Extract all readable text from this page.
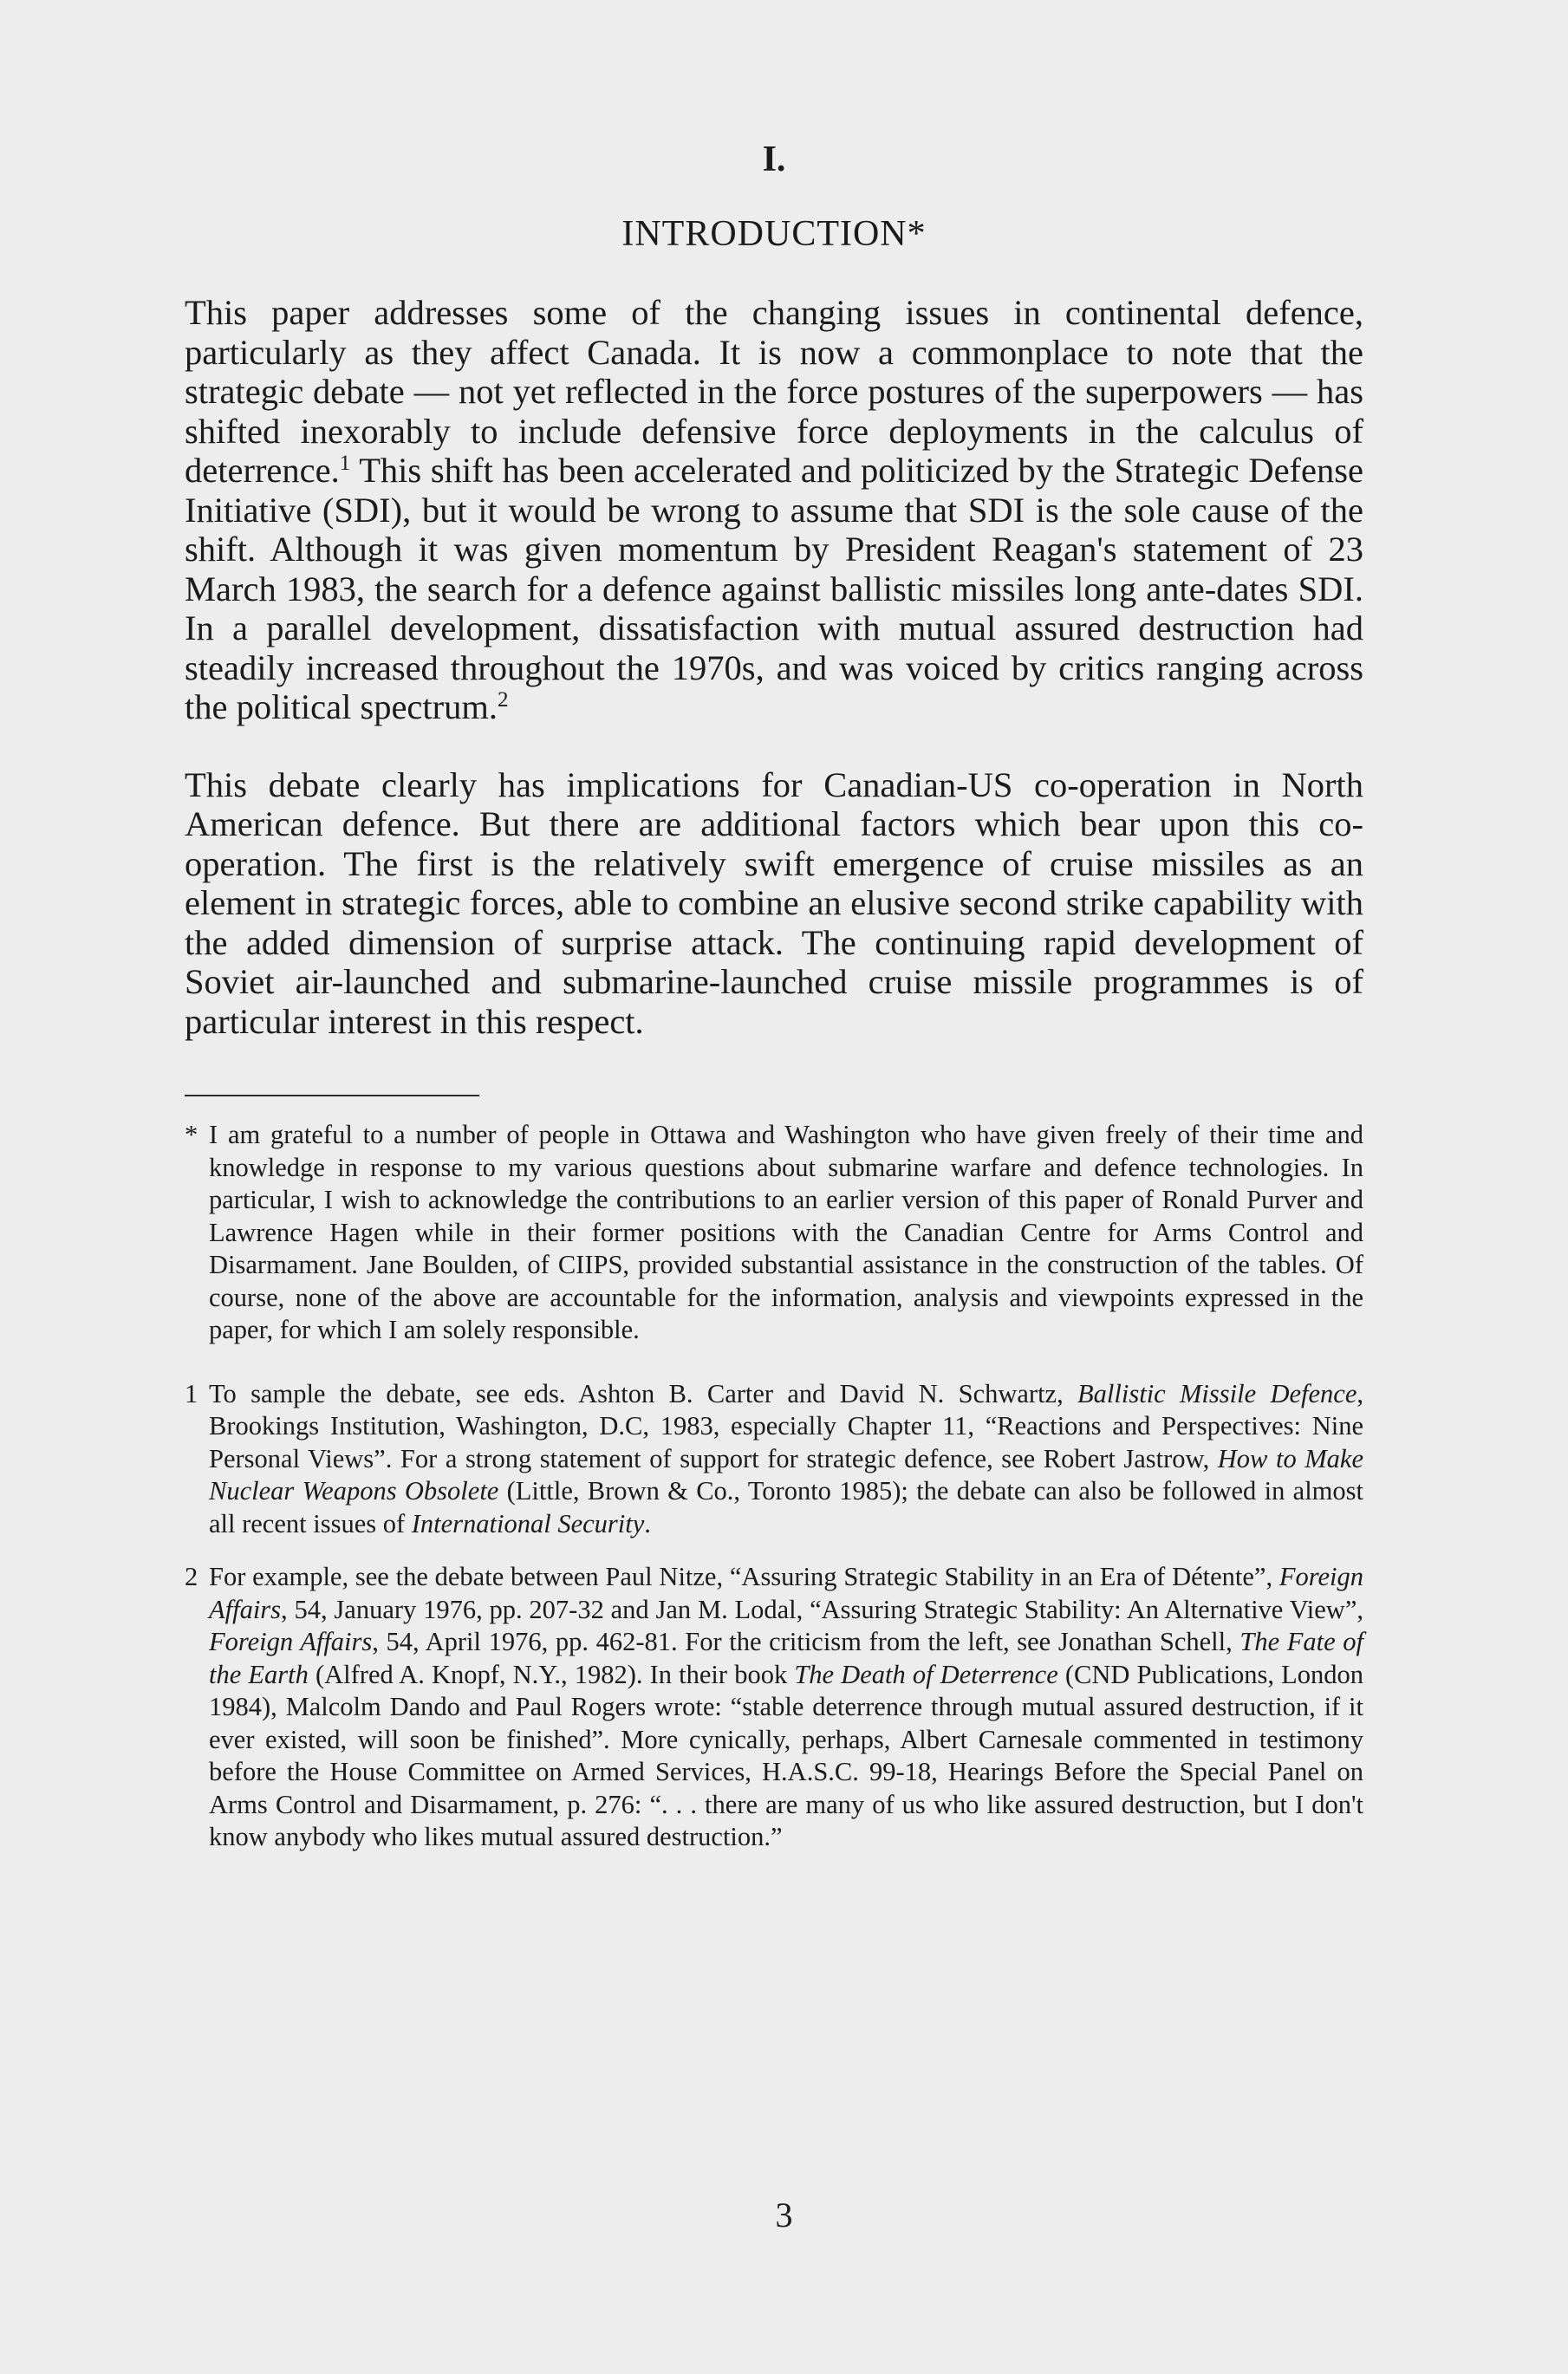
I.
INTRODUCTION*

This paper addresses some of the changing issues in continental defence, particularly as they affect Canada. It is now a commonplace to note that the strategic debate — not yet reflected in the force postures of the superpowers — has shifted inexorably to include defensive force deployments in the calculus of deterrence.$^1$ This shift has been accelerated and politicized by the Strategic Defense Initiative (SDI), but it would be wrong to assume that SDI is the sole cause of the shift. Although it was given momentum by President Reagan's statement of 23 March 1983, the search for a defence against ballistic missiles long ante-dates SDI. In a parallel development, dissatisfaction with mutual assured destruction had steadily increased throughout the 1970s, and was voiced by critics ranging across the political spectrum.$^2$

This debate clearly has implications for Canadian-US co-operation in North American defence. But there are additional factors which bear upon this co-operation. The first is the relatively swift emergence of cruise missiles as an element in strategic forces, able to combine an elusive second strike capability with the added dimension of surprise attack. The continuing rapid development of Soviet air-launched and submarine-launched cruise missile programmes is of particular interest in this respect.

* I am grateful to a number of people in Ottawa and Washington who have given freely of their time and knowledge in response to my various questions about submarine warfare and defence technologies. In particular, I wish to acknowledge the contributions to an earlier version of this paper of Ronald Purver and Lawrence Hagen while in their former positions with the Canadian Centre for Arms Control and Disarmament. Jane Boulden, of CIIPS, provided substantial assistance in the construction of the tables. Of course, none of the above are accountable for the information, analysis and viewpoints expressed in the paper, for which I am solely responsible.

1 To sample the debate, see eds. Ashton B. Carter and David N. Schwartz, Ballistic Missile Defence, Brookings Institution, Washington, D.C, 1983, especially Chapter 11, “Reactions and Perspectives: Nine Personal Views”. For a strong statement of support for strategic defence, see Robert Jastrow, How to Make Nuclear Weapons Obsolete (Little, Brown & Co., Toronto 1985); the debate can also be followed in almost all recent issues of International Security.

2 For example, see the debate between Paul Nitze, “Assuring Strategic Stability in an Era of Détente”, Foreign Affairs, 54, January 1976, pp. 207-32 and Jan M. Lodal, “Assuring Strategic Stability: An Alternative View”, Foreign Affairs, 54, April 1976, pp. 462-81. For the criticism from the left, see Jonathan Schell, The Fate of the Earth (Alfred A. Knopf, N.Y., 1982). In their book The Death of Deterrence (CND Publications, London 1984), Malcolm Dando and Paul Rogers wrote: “stable deterrence through mutual assured destruction, if it ever existed, will soon be finished”. More cynically, perhaps, Albert Carnesale commented in testimony before the House Committee on Armed Services, H.A.S.C. 99-18, Hearings Before the Special Panel on Arms Control and Disarmament, p. 276: “. . . there are many of us who like assured destruction, but I don't know anybody who likes mutual assured destruction.”

3
